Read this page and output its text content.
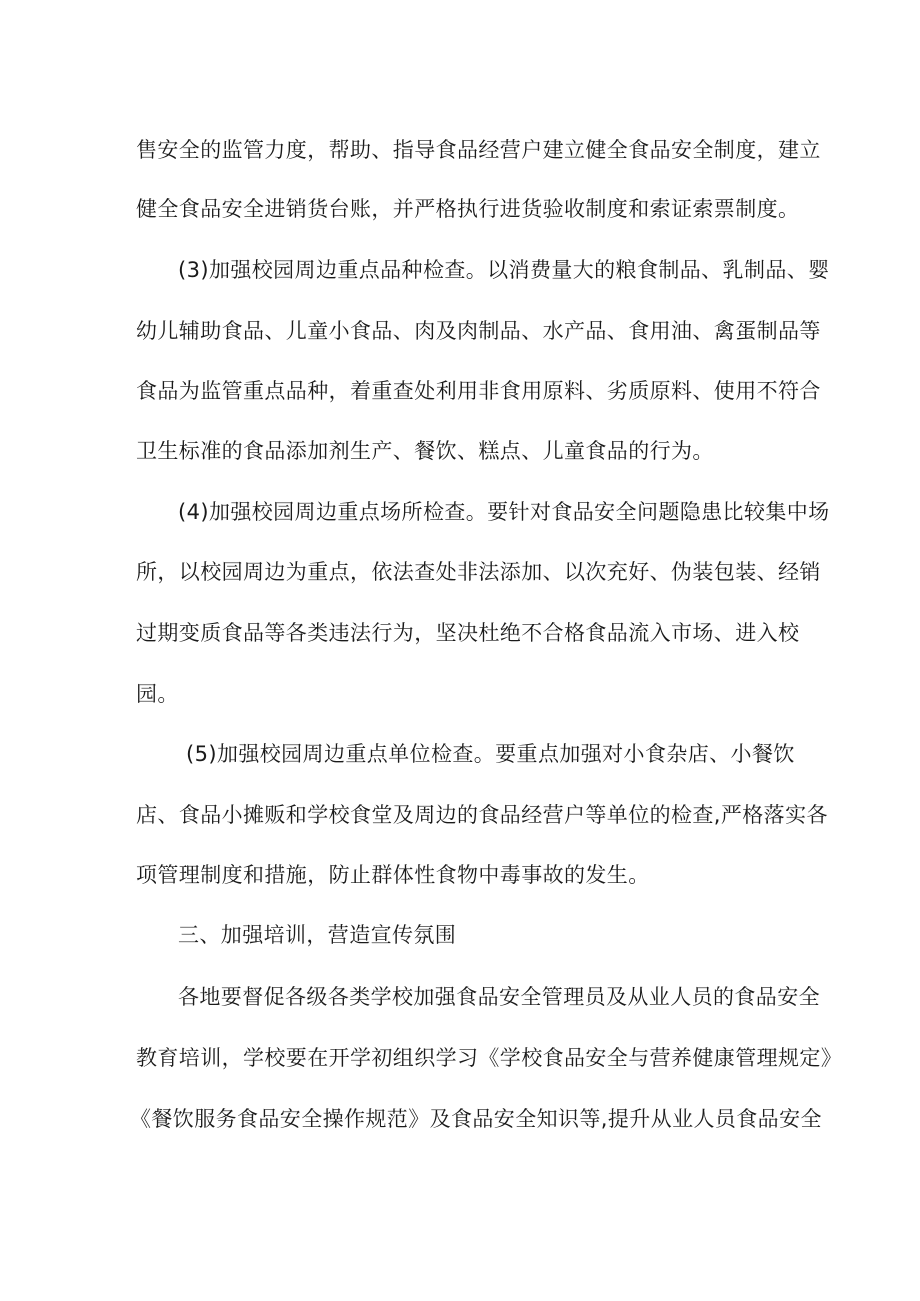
售安全的监管力度，帮助、指导食品经营户建立健全食品安全制度，建立
健全食品安全进销货台账，并严格执行进货验收制度和索证索票制度。
(3)加强校园周边重点品种检查。以消费量大的粮食制品、乳制品、婴
幼儿辅助食品、儿童小食品、肉及肉制品、水产品、食用油、禽蛋制品等
食品为监管重点品种，着重查处利用非食用原料、劣质原料、使用不符合
卫生标准的食品添加剂生产、餐饮、糕点、儿童食品的行为。
(4)加强校园周边重点场所检查。要针对食品安全问题隐患比较集中场
所，以校园周边为重点，依法查处非法添加、以次充好、伪装包装、经销
过期变质食品等各类违法行为，坚决杜绝不合格食品流入市场、进入校
园。
(5)加强校园周边重点单位检查。要重点加强对小食杂店、小餐饮
店、食品小摊贩和学校食堂及周边的食品经营户等单位的检查,严格落实各
项管理制度和措施，防止群体性食物中毒事故的发生。
三、加强培训，营造宣传氛围
各地要督促各级各类学校加强食品安全管理员及从业人员的食品安全
教育培训，学校要在开学初组织学习《学校食品安全与营养健康管理规定》
《餐饮服务食品安全操作规范》及食品安全知识等,提升从业人员食品安全
